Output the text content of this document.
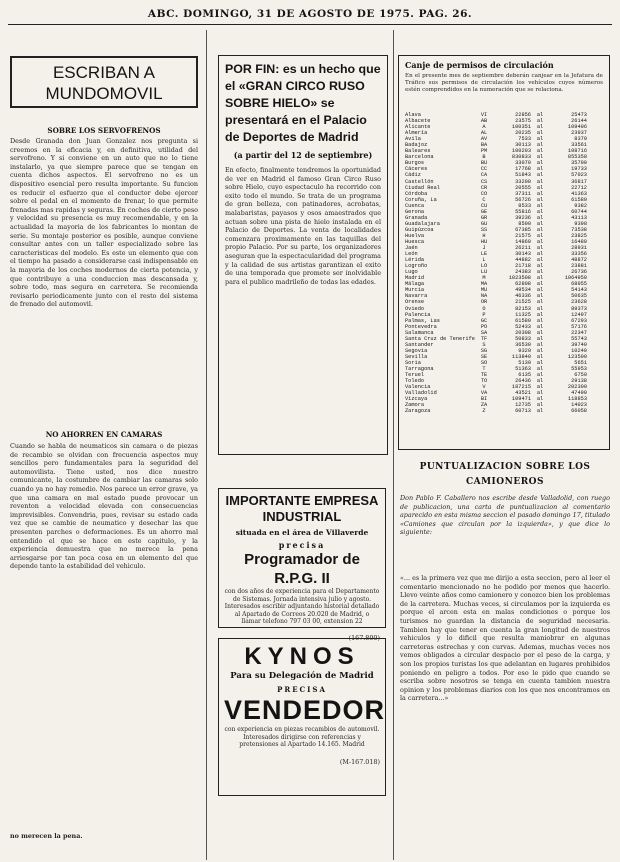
ABC. DOMINGO, 31 DE AGOSTO DE 1975. PAG. 26.
ESCRIBAN A
MUNDOMOVIL
SOBRE LOS SERVOFRENOS
Desde Granada don Juan Gonzalez nos pregunta si creemos en la eficacia y, en definitiva, utilidad del servofreno. Y si conviene en un auto que no lo tiene instalarlo, ya que siempre parece que se tengan en cuenta dichos aspectos. El servofreno no es un dispositivo esencial pero resulta importante. Su funcion es reducir el esfuerzo que el conductor debe ejercer sobre el pedal en el momento de frenar, lo que permite frenadas mas rapidas y seguras. En coches de cierto peso y velocidad su presencia es muy recomendable, y en la actualidad la mayoria de los fabricantes lo montan de serie. Su montaje posterior es posible, aunque conviene consultar antes con un taller especializado sobre las caracteristicas del modelo. Es este un elemento que con el tiempo ha pasado a considerarse casi indispensable en la mayoria de los coches modernos de cierta potencia, y que contribuye a una conduccion mas descansada y, sobre todo, mas segura en carretera. Se recomienda revisarlo periodicamente junto con el resto del sistema de frenado del automovil.
NO AHORREN EN CAMARAS
Cuando se habla de neumaticos sin camara o de piezas de recambio se olvidan con frecuencia aspectos muy sencillos pero fundamentales para la seguridad del automovilista. Tiene usted, nos dice nuestro comunicante, la costumbre de cambiar las camaras solo cuando ya no hay remedio. Nos parece un error grave, ya que una camara en mal estado puede provocar un reventon a velocidad elevada con consecuencias imprevisibles. Convendria, pues, revisar su estado cada vez que se cambie de neumatico y desechar las que presenten parches o deformaciones. Es un ahorro mal entendido el que se hace en este capitulo, y la experiencia demuestra que no merece la pena arriesgarse por tan poca cosa en un elemento del que depende tanto la estabilidad del vehiculo.
no merecen la pena.
POR FIN: es un hecho que el «GRAN CIRCO RUSO SOBRE HIELO» se presentará en el Palacio de Deportes de Madrid
(a partir del 12 de septiembre)
En efecto, finalmente tendremos la oportunidad de ver en Madrid el famoso Gran Circo Ruso sobre Hielo, cuyo espectaculo ha recorrido con exito todo el mundo. Se trata de un programa de gran belleza, con patinadores, acrobatas, malabaristas, payasos y osos amaestrados que actuan sobre una pista de hielo instalada en el Palacio de Deportes. La venta de localidades comenzara proximamente en las taquillas del propio Palacio. Por su parte, los organizadores aseguran que la espectacularidad del programa y la calidad de sus artistas garantizan el exito de una temporada que promete ser inolvidable para el publico madrileño de todas las edades.
IMPORTANTE EMPRESA
INDUSTRIAL
situada en el área de Villaverde
precisa
Programador de R.P.G. II
con dos años de experiencia para el Departamento de Sistemas. Jornada intensiva julio y agosto. Interesados escribir adjuntando historial detallado al Apartado de Correos 20.020 de Madrid, o llamar telefono 797 03 00, extension 22
(167.800)
KYNOS
Para su Delegación de Madrid
PRECISA
VENDEDOR
con experiencia en piezas recambios de automovil. Interesados dirigirse con referencias y pretensiones al Apartado 14.165. Madrid
(M-167.018)
Canje de permisos de circulación
En el presente mes de septiembre deberán canjear en la Jefatura de Tráfico sus permisos de circulación los vehículos cuyos números estén comprendidos en la numeración que se relaciona.
Alava	VI	22856	al	25473
Albacete	AB	23575	al	26144
Alicante	A	100351	al	109406
Almería	AL	20235	al	23937
Avila	AV	7533	al	8370
Badajoz	BA	30113	al	33561
Baleares	PM	100203	al	108716
Barcelona	B	830833	al	855358
Burgos	BU	33070	al	35700
Cáceres	CC	17768	al	19733
Cádiz	CA	51843	al	57023
Castellón	CS	33200	al	36817
Ciudad Real	CR	20555	al	22712
Córdoba	CO	37311	al	41363
Coruña, La	C	56726	al	61580
Cuenca	CU	8533	al	9382
Gerona	GE	55816	al	60744
Granada	GR	39236	al	43113
Guadalajara	GU	8500	al	9398
Guipúzcoa	SS	67385	al	73538
Huelva	H	21575	al	23825
Huesca	HU	14860	al	16480
Jaén	J	26211	al	28931
León	LE	30143	al	33356
Lérida	L	44882	al	48872
Logroño	LO	21718	al	23881
Lugo	LU	24383	al	26736
Madrid	M	1023508	al	1064950
Málaga	MA	62808	al	68955
Murcia	MU	49534	al	54143
Navarra	NA	46336	al	50635
Orense	OR	21525	al	23628
Oviedo	O	82153	al	89373
Palencia	P	11325	al	12497
Palmas, Las	GC	61580	al	67293
Pontevedra	PO	52433	al	57176
Salamanca	SA	20308	al	22347
Santa Cruz de Tenerife	TF	50833	al	55743
Santander	S	36530	al	39740
Segovia	SG	9320	al	10240
Sevilla	SE	113840	al	123500
Soria	SO	5130	al	5651
Tarragona	T	51363	al	55953
Teruel	TE	6135	al	6750
Toledo	TO	26436	al	29138
Valencia	V	187215	al	202300
Valladolid	VA	43521	al	47490
Vizcaya	BI	109471	al	118853
Zamora	ZA	12735	al	14023
Zaragoza	Z	60713	al	66058
PUNTUALIZACION SOBRE LOS
CAMIONEROS
Don Pablo F. Caballero nos escribe desde Valladolid, con ruego de publicacion, una carta de puntualizacion al comentario aparecido en esta misma seccion el pasado domingo 17, titulado «Camiones que circulan por la izquierda», y que dice lo siguiente:
«... es la primera vez que me dirijo a esta seccion, pero al leer el comentario mencionado no he podido por menos que hacerlo. Llevo veinte años como camionero y conozco bien los problemas de la carretera. Muchas veces, si circulamos por la izquierda es porque el arcen esta en malas condiciones o porque los turismos no guardan la distancia de seguridad necesaria. Tambien hay que tener en cuenta la gran longitud de nuestros vehiculos y lo dificil que resulta maniobrar en algunas carreteras estrechas y con curvas. Ademas, muchas veces nos vemos obligados a circular despacio por el peso de la carga, y son los propios turistas los que adelantan en lugares prohibidos poniendo en peligro a todos. Por eso le pido que cuando se escriba sobre nosotros se tenga en cuenta tambien nuestra opinion y los problemas diarios con los que nos encontramos en la carretera...»
